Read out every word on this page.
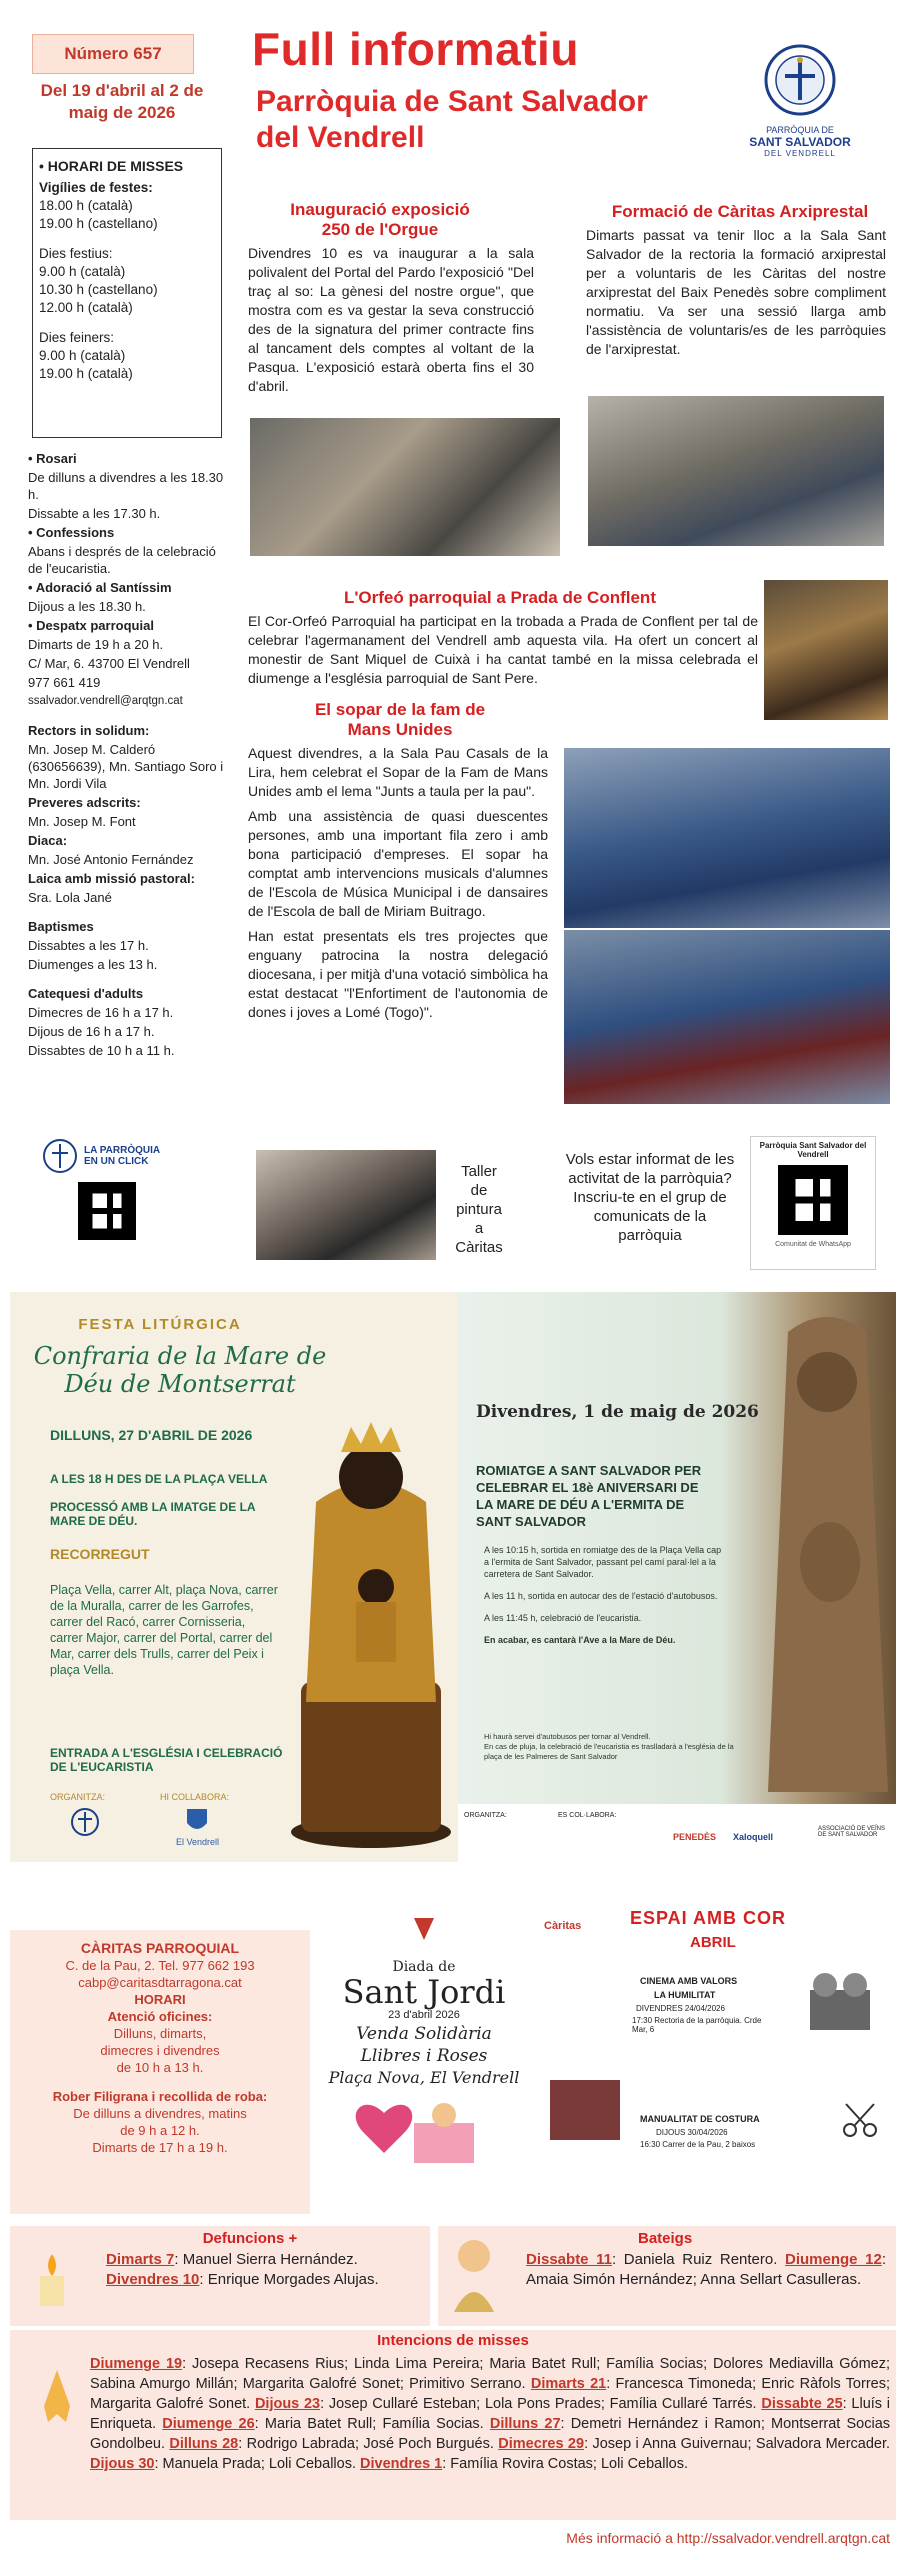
Número 657
Del 19 d'abril al 2 de maig de 2026
Full informatiu
Parròquia de Sant Salvador
del Vendrell	PARRÒQUIA DE
SANT SALVADOR
DEL VENDRELL
• HORARI DE MISSES
Vigílies de festes:
18.00 h (català)
19.00 h (castellano)
Dies festius:
9.00 h (català)
10.30 h (castellano)
12.00 h (català)
Dies feiners:
9.00 h (català)
19.00 h (català)

• Rosari

De dilluns a divendres a les 18.30 h.

Dissabte a les 17.30 h.

• Confessions

Abans i després de la celebració de l'eucaristia.

• Adoració al Santíssim

Dijous a les 18.30 h.

• Despatx parroquial

Dimarts de 19 h a 20 h.

C/ Mar, 6. 43700 El Vendrell

977 661 419

ssalvador.vendrell@arqtgn.cat

Rectors in solidum:

Mn. Josep M. Calderó (630656639), Mn. Santiago Soro i Mn. Jordi Vila

Preveres adscrits:

Mn. Josep M. Font

Diaca:

Mn. José Antonio Fernández

Laica amb missió pastoral:

Sra. Lola Jané

Baptismes

Dissabtes a les 17 h.

Diumenges a les 13 h.

Catequesi d'adults

Dimecres de 16 h a 17 h.

Dijous de 16 h a 17 h.

Dissabtes de 10 h a 11 h.

LA PARRÒQUIA EN UN CLICK
Inauguració exposició
250 de l'Orgue
Divendres 10 es va inaugurar a la sala polivalent del Portal del Pardo l'exposició "Del traç al so: La gènesi del nostre orgue", que mostra com es va gestar la seva construcció des de la signatura del primer contracte fins al tancament dels comptes al voltant de la Pasqua. L'exposició estarà oberta fins el 30 d'abril.
Formació de Càritas Arxiprestal
Dimarts passat va tenir lloc a la Sala Sant Salvador de la rectoria la formació arxiprestal per a voluntaris de les Càritas del nostre arxiprestat del Baix Penedès sobre compliment normatiu. Va ser una sessió llarga amb l'assistència de voluntaris/es de les parròquies de l'arxiprestat.
L'Orfeó parroquial a Prada de Conflent
El Cor-Orfeó Parroquial ha participat en la trobada a Prada de Conflent per tal de celebrar l'agermanament del Vendrell amb aquesta vila. Ha ofert un concert al monestir de Sant Miquel de Cuixà i ha cantat també en la missa celebrada el diumenge a l'església parroquial de Sant Pere.
El sopar de la fam de
Mans Unides

Aquest divendres, a la Sala Pau Casals de la Lira, hem celebrat el Sopar de la Fam de Mans Unides amb el lema "Junts a taula per la pau".

Amb una assistència de quasi duescentes persones, amb una important fila zero i amb bona participació d'empreses. El sopar ha comptat amb intervencions musicals d'alumnes de l'Escola de Música Municipal i de dansaires de l'Escola de ball de Miriam Buitrago.

Han estat presentats els tres projectes que enguany patrocina la nostra delegació diocesana, i per mitjà d'una votació simbòlica ha estat destacat "l'Enfortiment de l'autonomia de dones i joves a Lomé (Togo)".

Taller
de
pintura
a
Càritas
Vols estar informat de les activitat de la parròquia? Inscriu-te en el grup de comunicats de la parròquia
Parròquia Sant Salvador del Vendrell
Comunitat de WhatsApp
FESTA LITÚRGICA
Confraria de la Mare de
Déu de Montserrat
DILLUNS, 27 D'ABRIL DE 2026
A LES 18 H DES DE LA PLAÇA VELLA
PROCESSÓ AMB LA IMATGE DE LA MARE DE DÉU.
RECORREGUT
Plaça Vella, carrer Alt, plaça Nova, carrer de la Muralla, carrer de les Garrofes, carrer del Racó, carrer Cornisseria, carrer Major, carrer del Portal, carrer del Mar, carrer dels Trulls, carrer del Peix i plaça Vella.
ENTRADA A L'ESGLÉSIA I CELEBRACIÓ DE L'EUCARISTIA
ORGANITZA:	HI COLLABORA:
El Vendrell
Divendres, 1 de maig de 2026
ROMIATGE A SANT SALVADOR PER CELEBRAR EL 18è ANIVERSARI DE LA MARE DE DÉU A L'ERMITA DE SANT SALVADOR

A les 10:15 h, sortida en romiatge des de la Plaça Vella cap a l'ermita de Sant Salvador, passant pel camí paral·lel a la carretera de Sant Salvador.

A les 11 h, sortida en autocar des de l'estació d'autobusos.

A les 11:45 h, celebració de l'eucaristia.

En acabar, es cantarà l'Ave a la Mare de Déu.

Hi haurà servei d'autobusos per tornar al Vendrell.

En cas de pluja, la celebració de l'eucaristia es traslladarà a l'església de la plaça de les Palmeres de Sant Salvador

ORGANITZA:	ES COL·LABORA:
PENEDÈS Xaloquell
ASSOCIACIÓ DE VEÏNS DE SANT SALVADOR
CÀRITAS PARROQUIAL
C. de la Pau, 2. Tel. 977 662 193
cabp@caritasdtarragona.cat
HORARI
Atenció oficines:
Dilluns, dimarts,
dimecres i divendres
de 10 h a 13 h.
Rober Filigrana i recollida de roba:
De dilluns a divendres, matins
de 9 h a 12 h.
Dimarts de 17 h a 19 h.
Diada de
Sant Jordi
23 d'abril 2026
Venda Solidària
Llibres i Roses
Plaça Nova, El Vendrell
Càritas	ESPAI AMB COR
ABRIL
CINEMA AMB VALORS
LA HUMILITAT
DIVENDRES 24/04/2026
17:30 Rectoria de la parròquia. Crde Mar, 6
MANUALITAT DE COSTURA
DIJOUS 30/04/2026
16:30 Carrer de la Pau, 2 baixos
Defuncions +
Dimarts 7: Manuel Sierra Hernández. Divendres 10: Enrique Morgades Alujas.
Bateigs
Dissabte 11: Daniela Ruiz Rentero. Diumenge 12: Amaia Simón Hernández; Anna Sellart Casulleras.
Intencions de misses
Diumenge 19: Josepa Recasens Rius; Linda Lima Pereira; Maria Batet Rull; Família Socias; Dolores Mediavilla Gómez; Sabina Amurgo Millán; Margarita Galofré Sonet; Primitivo Serrano. Dimarts 21: Francesca Timoneda; Enric Ràfols Torres; Margarita Galofré Sonet. Dijous 23: Josep Cullaré Esteban; Lola Pons Prades; Família Cullaré Tarrés. Dissabte 25: Lluís i Enriqueta. Diumenge 26: Maria Batet Rull; Família Socias. Dilluns 27: Demetri Hernández i Ramon; Montserrat Socias Gondolbeu. Dilluns 28: Rodrigo Labrada; José Poch Burgués. Dimecres 29: Josep i Anna Guivernau; Salvadora Mercader. Dijous 30: Manuela Prada; Loli Ceballos. Divendres 1: Família Rovira Costas; Loli Ceballos.
Més informació a http://ssalvador.vendrell.arqtgn.cat
